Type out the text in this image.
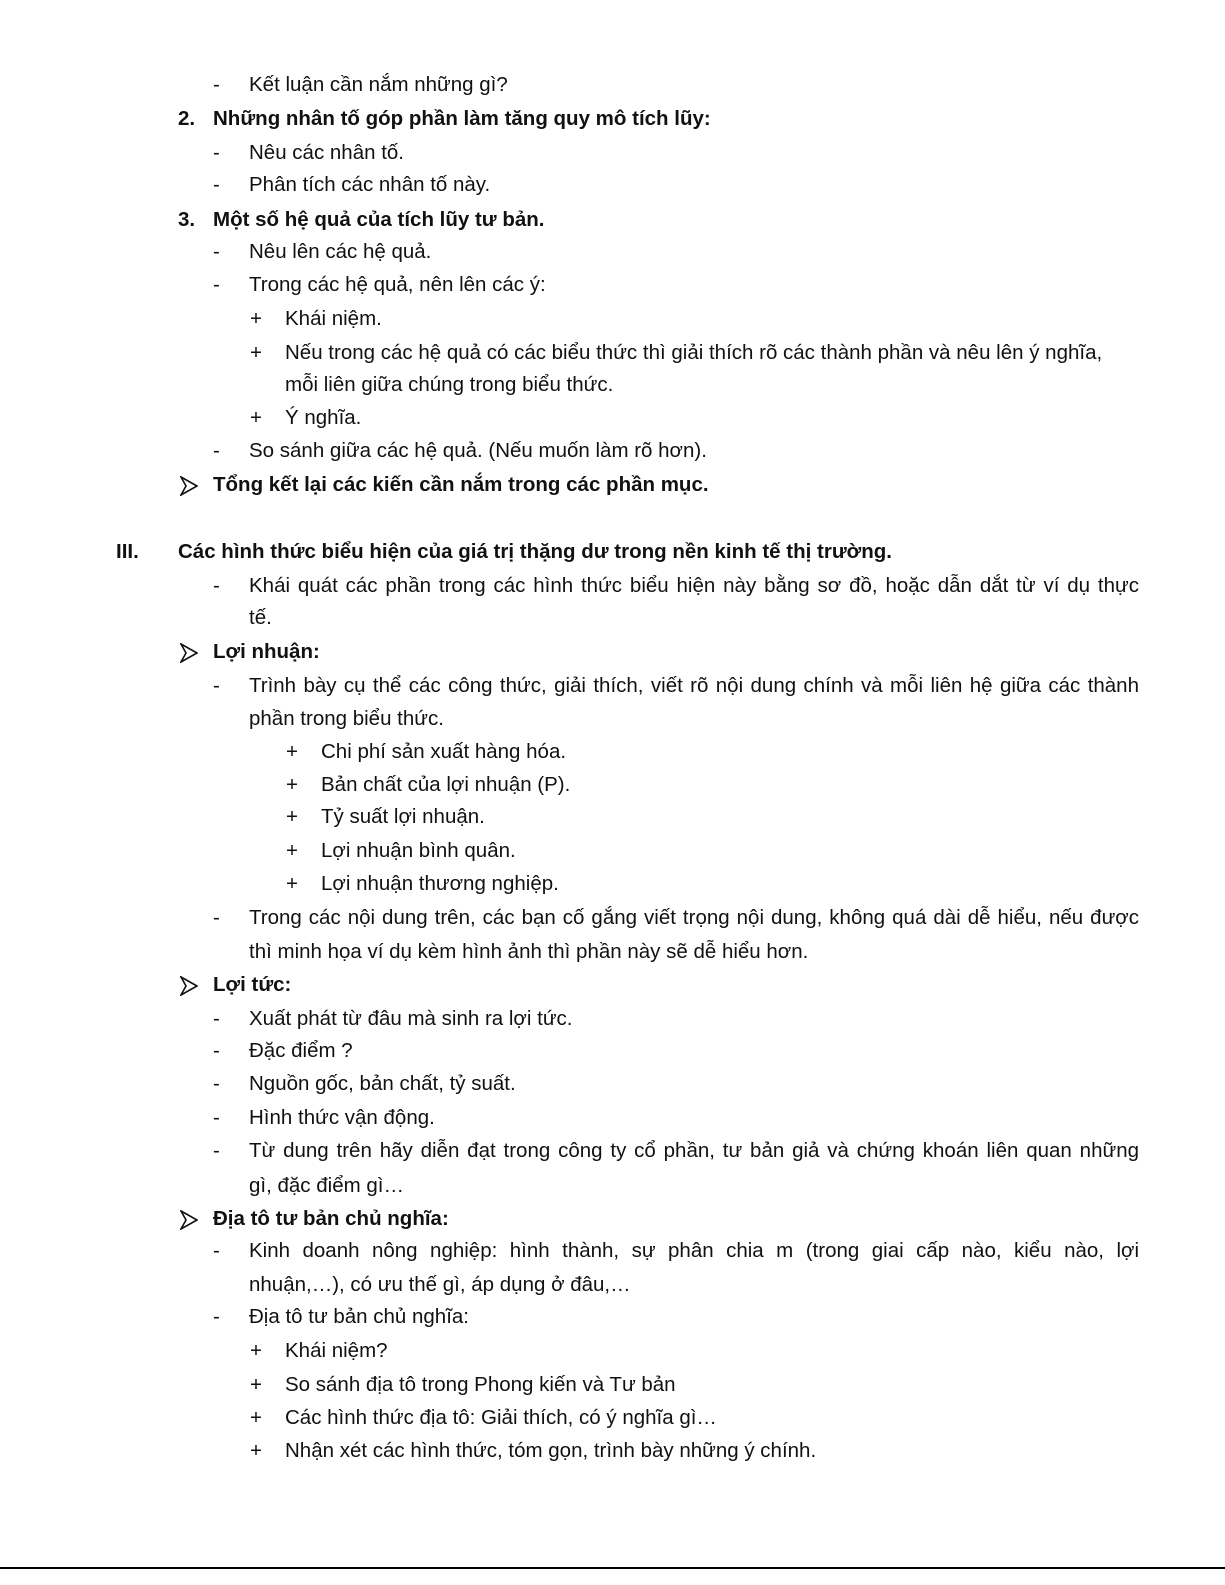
- Kết luận cần nắm những gì?
2. Những nhân tố góp phần làm tăng quy mô tích lũy:
- Nêu các nhân tố.
- Phân tích các nhân tố này.
3. Một số hệ quả của tích lũy tư bản.
- Nêu lên các hệ quả.
- Trong các hệ quả, nên lên các ý:
+ Khái niệm.
+ Nếu trong các hệ quả có các biểu thức thì giải thích rõ các thành phần và nêu lên ý nghĩa,
mỗi liên giữa chúng trong biểu thức.
+ Ý nghĩa.
- So sánh giữa các hệ quả. (Nếu muốn làm rõ hơn).
Tổng kết lại các kiến cần nắm trong các phần mục.
III. Các hình thức biểu hiện của giá trị thặng dư trong nền kinh tế thị trường.
- Khái quát các phần trong các hình thức biểu hiện này bằng sơ đồ, hoặc dẫn dắt từ ví dụ thực
tế.
Lợi nhuận:
- Trình bày cụ thể các công thức, giải thích, viết rõ nội dung chính và mỗi liên hệ giữa các thành
phần trong biểu thức.
+ Chi phí sản xuất hàng hóa.
+ Bản chất của lợi nhuận (P).
+ Tỷ suất lợi nhuận.
+ Lợi nhuận bình quân.
+ Lợi nhuận thương nghiệp.
- Trong các nội dung trên, các bạn cố gắng viết trọng nội dung, không quá dài dễ hiểu, nếu được
thì minh họa ví dụ kèm hình ảnh thì phần này sẽ dễ hiểu hơn.
Lợi tức:
- Xuất phát từ đâu mà sinh ra lợi tức.
- Đặc điểm ?
- Nguồn gốc, bản chất, tỷ suất.
- Hình thức vận động.
- Từ dung trên hãy diễn đạt trong công ty cổ phần, tư bản giả và chứng khoán liên quan những
gì, đặc điểm gì…
Địa tô tư bản chủ nghĩa:
- Kinh doanh nông nghiệp: hình thành, sự phân chia m (trong giai cấp nào, kiểu nào, lợi
nhuận,…), có ưu thế gì, áp dụng ở đâu,…
- Địa tô tư bản chủ nghĩa:
+ Khái niệm?
+ So sánh địa tô trong Phong kiến và Tư bản
+ Các hình thức địa tô: Giải thích, có ý nghĩa gì…
+ Nhận xét các hình thức, tóm gọn, trình bày những ý chính.
